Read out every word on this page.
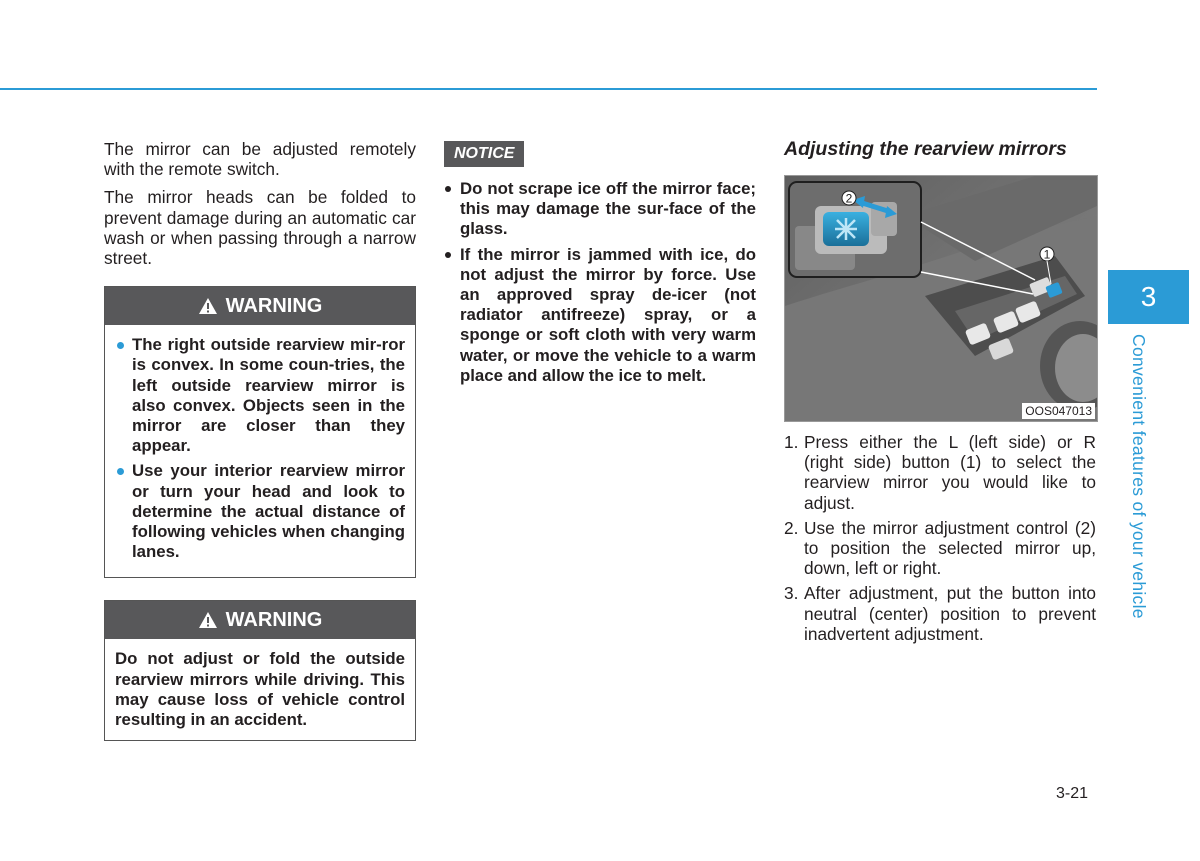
The mirror can be adjusted remotely with the remote switch.

The mirror heads can be folded to prevent damage during an automatic car wash or when passing through a narrow street.

WARNING
The right outside rearview mir-ror is convex. In some coun-tries, the left outside rearview mirror is also convex. Objects seen in the mirror are closer than they appear.
Use your interior rearview mirror or turn your head and look to determine the actual distance of following vehicles when changing lanes.
WARNING

Do not adjust or fold the outside rearview mirrors while driving. This may cause loss of vehicle control resulting in an accident.

NOTICE
Do not scrape ice off the mirror face; this may damage the sur-face of the glass.
If the mirror is jammed with ice, do not adjust the mirror by force. Use an approved spray de-icer (not radiator antifreeze) spray, or a sponge or soft cloth with very warm water, or move the vehicle to a warm place and allow the ice to melt.
Adjusting the rearview mirrors
2
1
OOS047013
1. Press either the L (left side) or R (right side) button (1) to select the rearview mirror you would like to adjust.
2. Use the mirror adjustment control (2) to position the selected mirror up, down, left or right.
3. After adjustment, put the button into neutral (center) position to prevent inadvertent adjustment.
3
Convenient features of your vehicle
3-21
